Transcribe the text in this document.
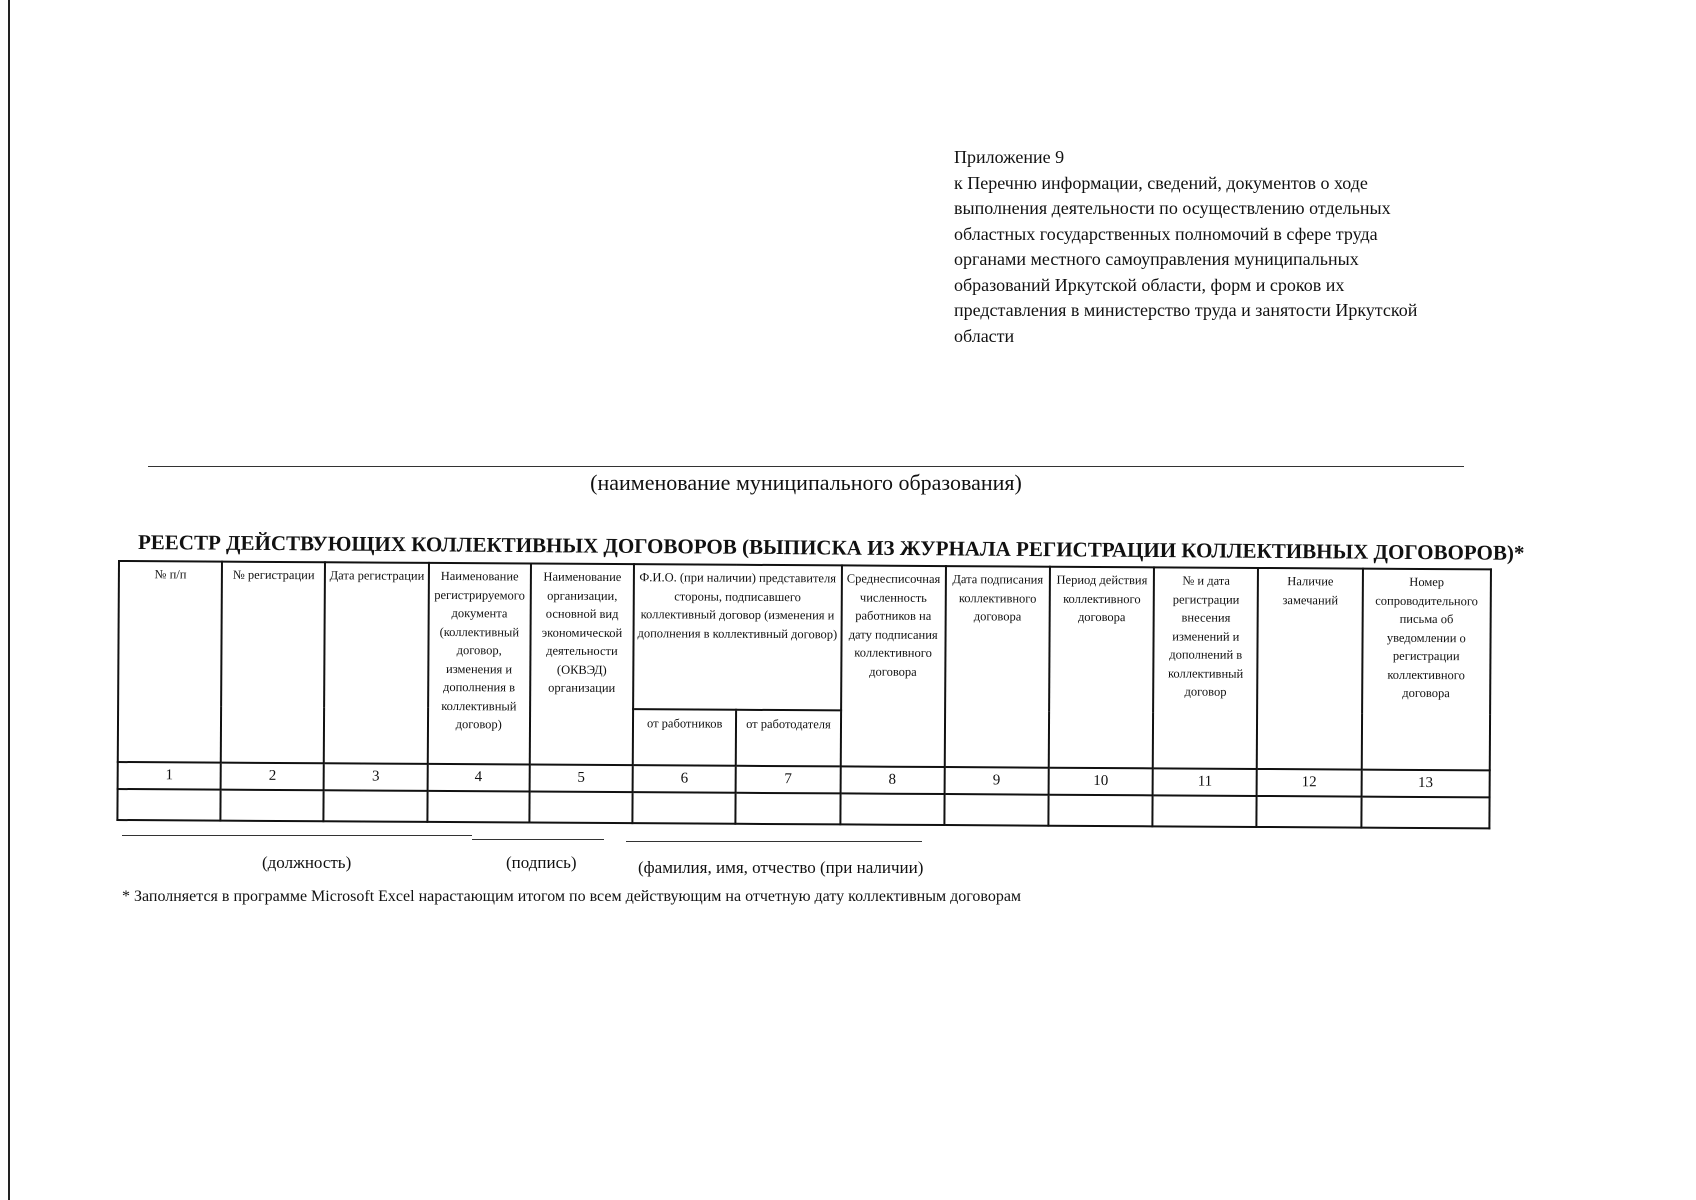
Приложение 9
к Перечню информации, сведений, документов о ходе
выполнения деятельности по осуществлению отдельных
областных государственных полномочий в сфере труда
органами местного самоуправления муниципальных
образований Иркутской области, форм и сроков их
представления в министерство труда и занятости Иркутской
области
(наименование муниципального образования)
РЕЕСТР ДЕЙСТВУЮЩИХ КОЛЛЕКТИВНЫХ ДОГОВОРОВ (ВЫПИСКА ИЗ ЖУРНАЛА РЕГИСТРАЦИИ КОЛЛЕКТИВНЫХ ДОГОВОРОВ)*
№ п/п	№ регистрации	Дата регистрации	Наименование регистрируемого документа (коллективный договор, изменения и дополнения в коллективный договор)	Наименование организации, основной вид экономической деятельности (ОКВЭД) организации	Ф.И.О. (при наличии) представителя стороны, подписавшего коллективный договор (изменения и дополнения в коллективный договор)		Среднесписочная численность работников на дату подписания коллективного договора	Дата подписания коллективного договора	Период действия коллективного договора	№ и дата регистрации внесения изменений и дополнений в коллективный договор	Наличие замечаний	Номер сопроводительного письма об уведомлении о регистрации коллективного договора
					от работников	от работодателя						
1	2	3	4	5	6	7	8	9	10	11	12	13

(должность)	(подпись)	(фамилия, имя, отчество (при наличии)
* Заполняется в программе Microsoft Excel нарастающим итогом по всем действующим на отчетную дату коллективным договорам
